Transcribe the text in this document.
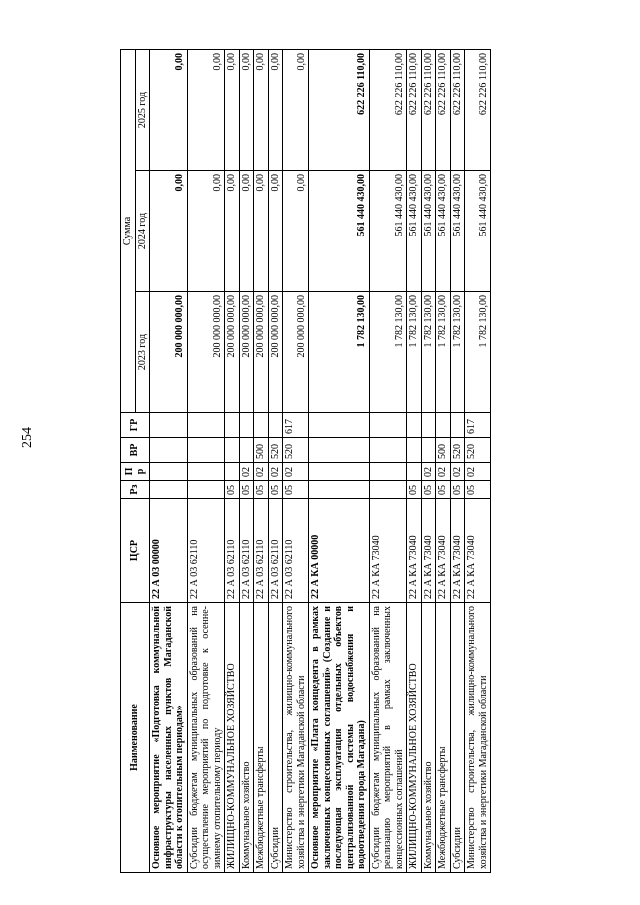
254
Наименование	ЦСР	Рз	Пр	ВР	ГР	Сумма		
						2023 год	2024 год	2025 год
Основное мероприятие «Подготовка коммунальной инфраструктуры населенных пунктов Магаданской области к отопительным периодам»	22 А 03 00000					200 000 000,00	0,00	0,00
Субсидии бюджетам муниципальных образований на осуществление мероприятий по подготовке к осенне-зимнему отопительному периоду	22 А 03 62110					200 000 000,00	0,00	0,00
ЖИЛИЩНО-КОММУНАЛЬНОЕ ХОЗЯЙСТВО	22 А 03 62110	05				200 000 000,00	0,00	0,00
Коммунальное хозяйство	22 А 03 62110	05	02			200 000 000,00	0,00	0,00
Межбюджетные трансферты	22 А 03 62110	05	02	500		200 000 000,00	0,00	0,00
Субсидии	22 А 03 62110	05	02	520		200 000 000,00	0,00	0,00
Министерство строительства, жилищно-коммунального хозяйства и энергетики Магаданской области	22 А 03 62110	05	02	520	617	200 000 000,00	0,00	0,00
Основное мероприятие «Плата концедента в рамках заключенных концессионных соглашений» (Создание и последующая эксплуатация отдельных объектов централизованной системы водоснабжения и водоотведения города Магадана)	22 А КА 00000					1 782 130,00	561 440 430,00	622 226 110,00
Субсидии бюджетам муниципальных образований на реализацию мероприятий в рамках заключенных концессионных соглашений	22 А КА 73040					1 782 130,00	561 440 430,00	622 226 110,00
ЖИЛИЩНО-КОММУНАЛЬНОЕ ХОЗЯЙСТВО	22 А КА 73040	05				1 782 130,00	561 440 430,00	622 226 110,00
Коммунальное хозяйство	22 А КА 73040	05	02			1 782 130,00	561 440 430,00	622 226 110,00
Межбюджетные трансферты	22 А КА 73040	05	02	500		1 782 130,00	561 440 430,00	622 226 110,00
Субсидии	22 А КА 73040	05	02	520		1 782 130,00	561 440 430,00	622 226 110,00
Министерство строительства, жилищно-коммунального хозяйства и энергетики Магаданской области	22 А КА 73040	05	02	520	617	1 782 130,00	561 440 430,00	622 226 110,00
